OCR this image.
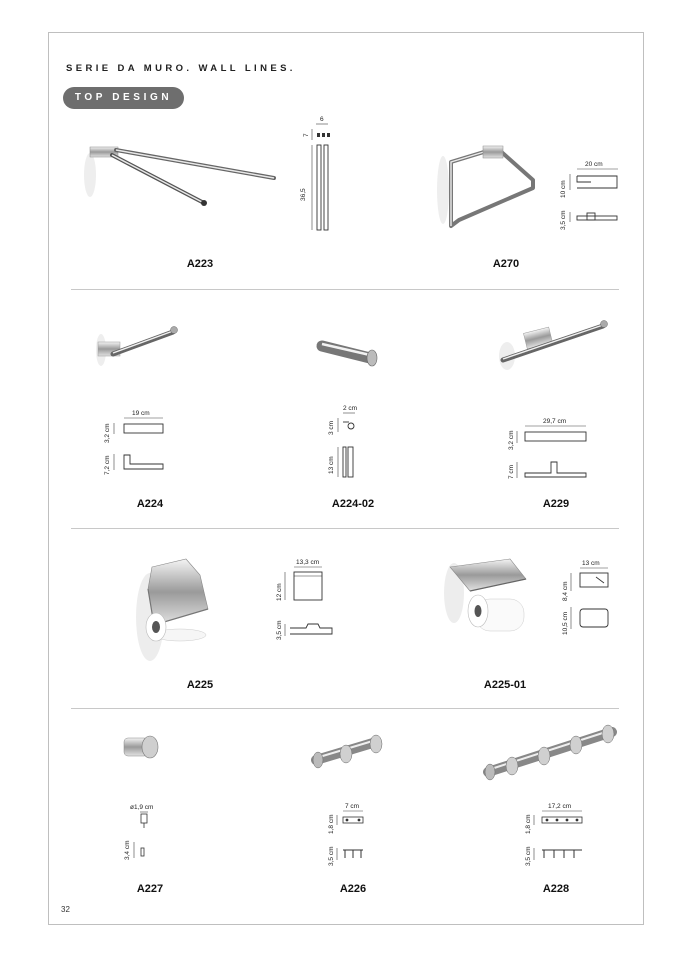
SERIE DA MURO. WALL LINES.
TOP DESIGN
6
7
36,5
A223
20 cm
10 cm
3,5 cm
A270
19 cm
3,2 cm
7,2 cm
A224
2 cm
3 cm
13 cm
A224-02
29,7 cm
3,2 cm
7 cm
A229
13,3 cm
12 cm
3,5 cm
A225
13 cm
8,4 cm
10,5 cm
A225-01
ø1,9 cm
3,4 cm
A227
7 cm
1,8 cm
3,5 cm
A226
17,2 cm
1,8 cm
3,5 cm
A228
32
